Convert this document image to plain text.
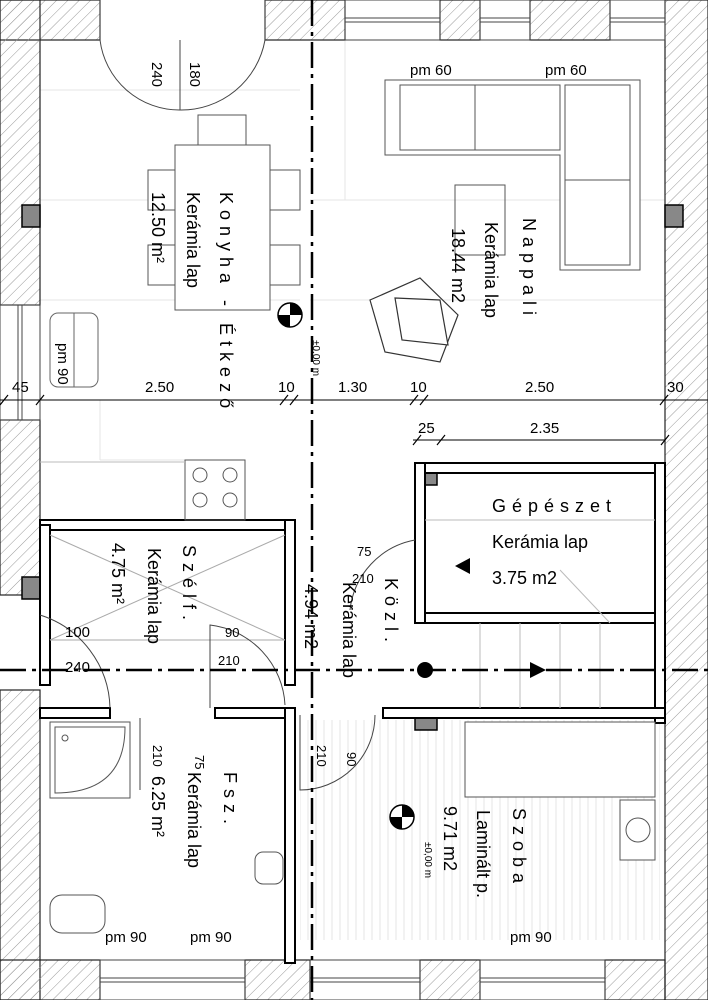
45	2.50	10	1.30	10	2.50	30
25	2.35
pm 60	pm 60
pm 90
pm 90	pm 90	pm 90
180
240
100
240
90
210
75
210
75
210	90
210
Konyha - Étkező
Kerámia lap
12.50 m²	Nappali
Kerámia lap
18.44 m2
Gépészet
Kerámia lap
3.75 m2
Szélf.
Kerámia lap
4.75 m²
Közl.
Kerámia lap
4.94 m2
Fsz.
Kerámia lap
6.25 m²
Szoba
Laminált p.
9.71 m2
±0,00 m
±0,00 m
